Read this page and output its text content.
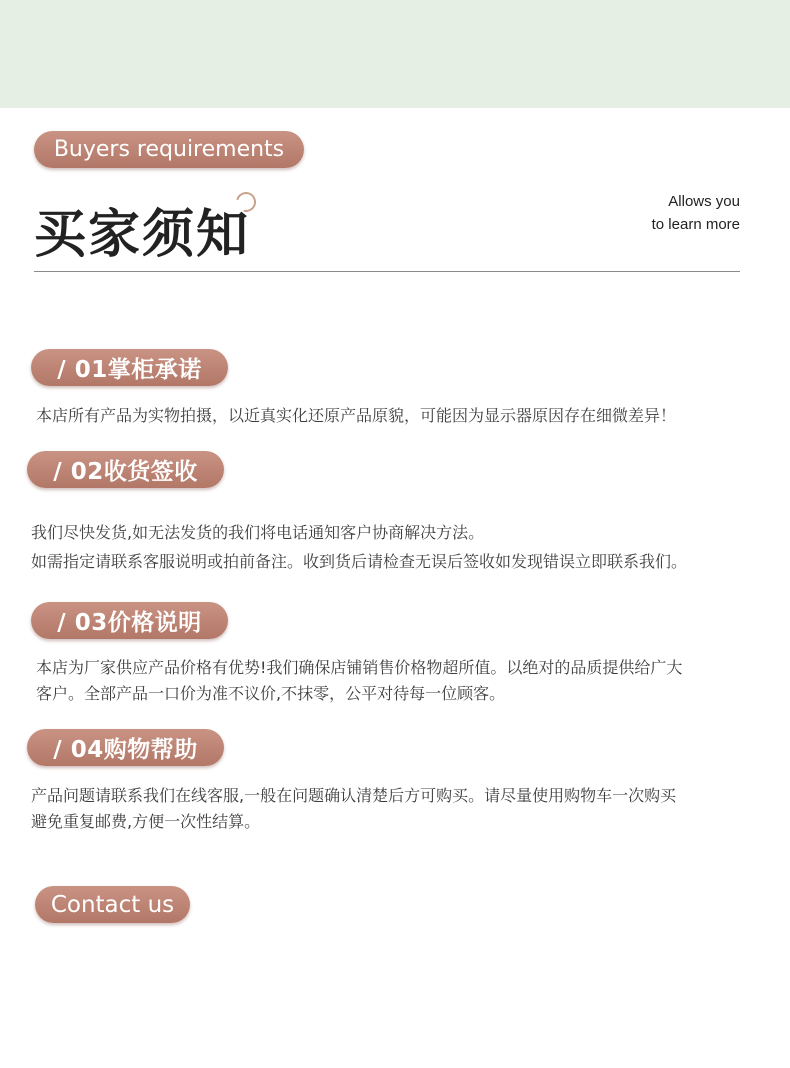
Buyers requirements
买家须知
Allows you
to learn more
/ 01掌柜承诺
本店所有产品为实物拍摄，以近真实化还原产品原貌，可能因为显示器原因存在细微差异！
/ 02收货签收
我们尽快发货,如无法发货的我们将电话通知客户协商解决方法。
如需指定请联系客服说明或拍前备注。收到货后请检查无误后签收如发现错误立即联系我们。
/ 03价格说明
本店为厂家供应产品价格有优势!我们确保店铺销售价格物超所值。以绝对的品质提供给广大
客户。全部产品一口价为准不议价,不抹零，公平对待每一位顾客。
/ 04购物帮助
产品问题请联系我们在线客服,一般在问题确认清楚后方可购买。请尽量使用购物车一次购买
避免重复邮费,方便一次性结算。
Contact us
